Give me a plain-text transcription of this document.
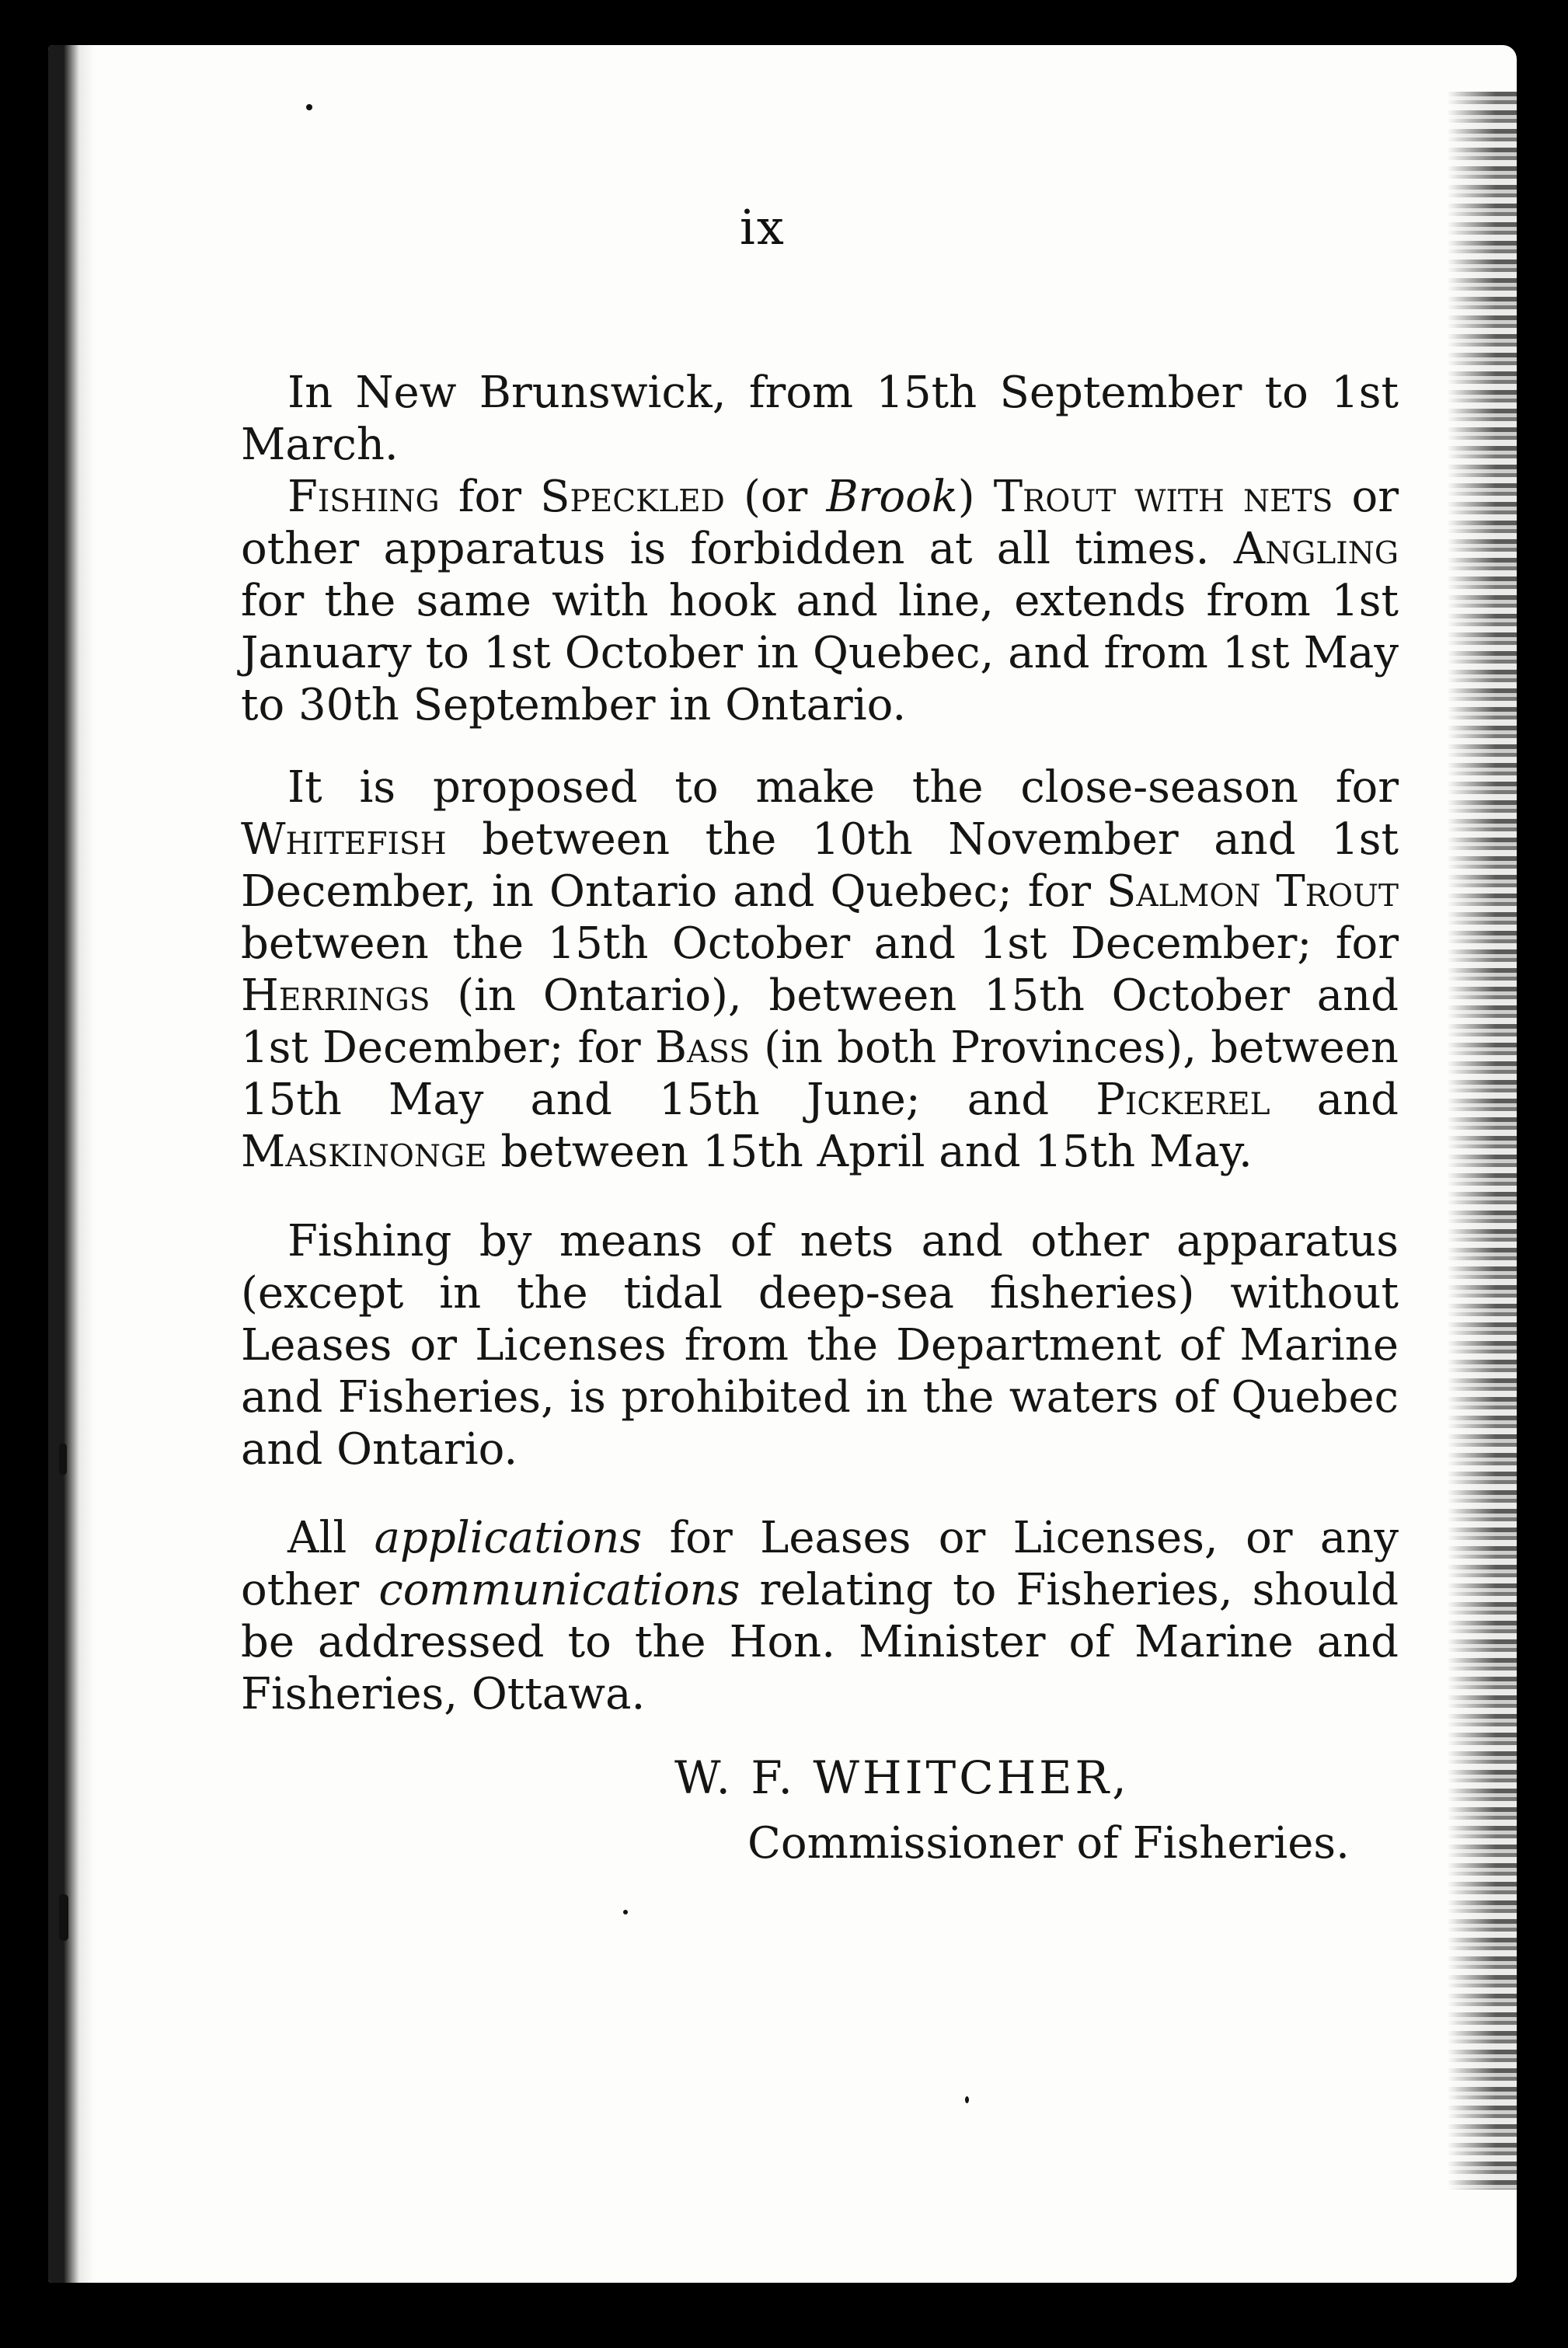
ix

In New Brunswick, from 15th September to 1st March.

Fishing for Speckled (or Brook) Trout with nets or other apparatus is forbidden at all times. Angling for the same with hook and line, extends from 1st January to 1st October in Quebec, and from 1st May to 30th September in Ontario.

It is proposed to make the close-season for Whitefish between the 10th November and 1st December, in Ontario and Quebec; for Salmon Trout between the 15th October and 1st December; for Herrings (in Ontario), between 15th October and 1st December; for Bass (in both Provinces), between 15th May and 15th June; and Pickerel and Maskinonge between 15th April and 15th May.

Fishing by means of nets and other apparatus (except in the tidal deep-sea fisheries) without Leases or Licenses from the Department of Marine and Fisheries, is prohibited in the waters of Quebec and Ontario.

All applications for Leases or Licenses, or any other communications relating to Fisheries, should be addressed to the Hon. Minister of Marine and Fisheries, Ottawa.

W. F. WHITCHER,
Commissioner of Fisheries.
